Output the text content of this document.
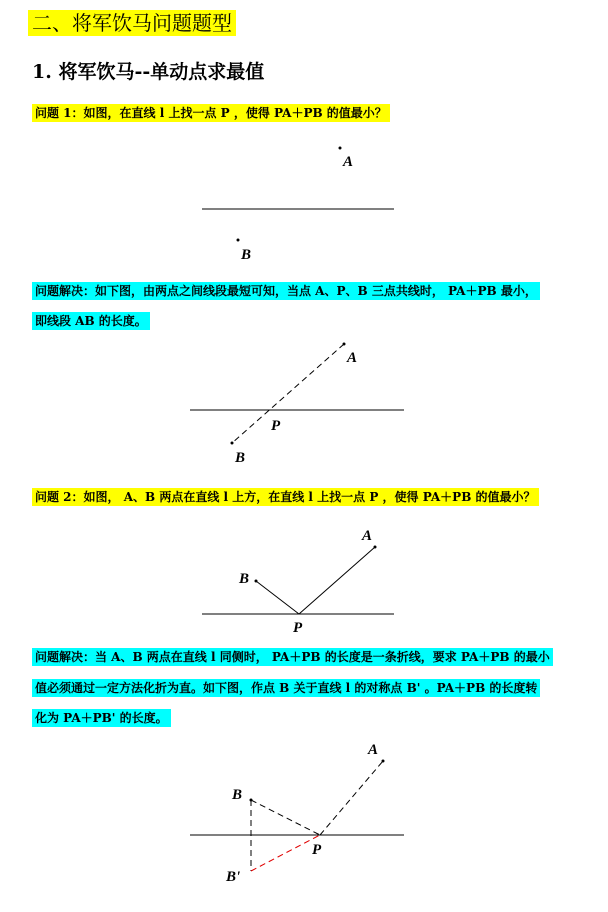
二、将军饮马问题题型
1. 将军饮马--单动点求最值
问题 1：如图，在直线 l 上找一点 P ，使得 PA＋PB 的值最小？
A
B
问题解决：如下图，由两点之间线段最短可知，当点 A、P、B 三点共线时， PA＋PB 最小，
即线段 AB 的长度。
A
P
B
问题 2：如图， A、B 两点在直线 l 上方，在直线 l 上找一点 P ，使得 PA＋PB 的值最小？
A
B
P
问题解决：当 A、B 两点在直线 l 同侧时， PA＋PB 的长度是一条折线，要求 PA＋PB 的最小
值必须通过一定方法化折为直。如下图，作点 B 关于直线 l 的对称点 B' 。PA＋PB 的长度转
化为 PA＋PB' 的长度。
A
B
P
B'
